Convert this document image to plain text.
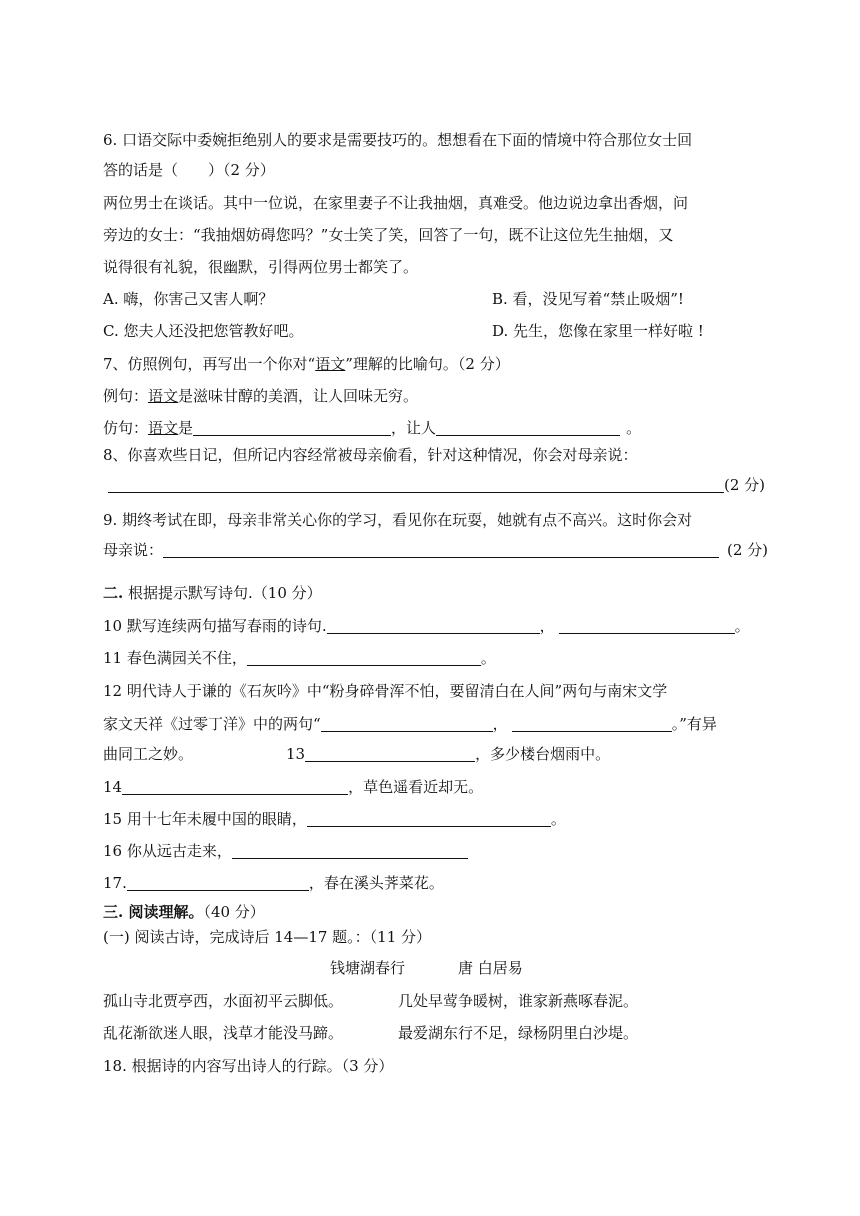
6. 口语交际中委婉拒绝别人的要求是需要技巧的。想想看在下面的情境中符合那位女士回
答的话是（　　）（2 分）
两位男士在谈话。其中一位说，在家里妻子不让我抽烟，真难受。他边说边拿出香烟，问
旁边的女士：“我抽烟妨碍您吗？”女士笑了笑，回答了一句，既不让这位先生抽烟，又
说得很有礼貌，很幽默，引得两位男士都笑了。
A. 嗨，你害己又害人啊？	B. 看，没见写着“禁止吸烟”!
C. 您夫人还没把您管教好吧。	D. 先生，您像在家里一样好啦 !
7、仿照例句，再写出一个你对“语文”理解的比喻句。（2 分）
例句：语文是滋味甘醇的美酒，让人回味无穷。
仿句：语文是	，让人	。
8、你喜欢些日记，但所记内容经常被母亲偷看，针对这种情况，你会对母亲说：
(2 分)
9. 期终考试在即，母亲非常关心你的学习，看见你在玩耍，她就有点不高兴。这时你会对
母亲说：	(2 分)
二. 根据提示默写诗句.（10 分）
10 默写连续两句描写春雨的诗句.	，	。
11 春色满园关不住，	。
12 明代诗人于谦的《石灰吟》中“粉身碎骨浑不怕，要留清白在人间”两句与南宋文学
家文天祥《过零丁洋》中的两句“	，	。”有异
曲同工之妙。	13	，多少楼台烟雨中。
14	，草色遥看近却无。
15 用十七年未履中国的眼睛，	。
16 你从远古走来，
17.	，春在溪头荠菜花。
三. 阅读理解。（40 分）
(一) 阅读古诗，完成诗后 14—17 题。：（11 分）
钱塘湖春行	唐 白居易
孤山寺北贾亭西，水面初平云脚低。	几处早莺争暖树，谁家新燕啄春泥。
乱花渐欲迷人眼，浅草才能没马蹄。	最爱湖东行不足，绿杨阴里白沙堤。
18. 根据诗的内容写出诗人的行踪。（3 分）
